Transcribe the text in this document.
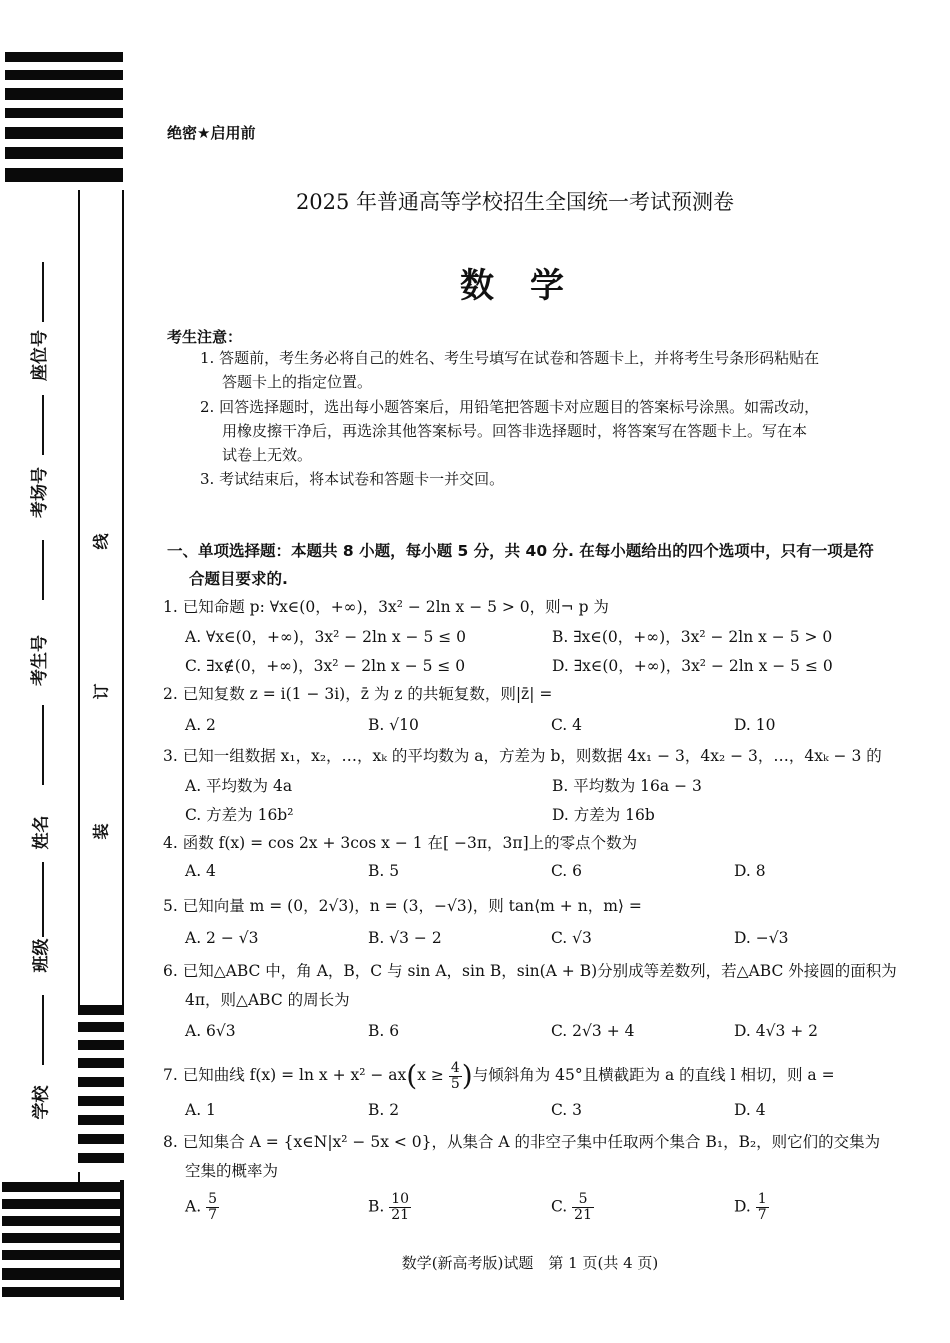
座位号
考场号
考生号
姓名
班级
学校
线
订
装
绝密★启用前
2025 年普通高等学校招生全国统一考试预测卷
数学
考生注意：
1. 答题前，考生务必将自己的姓名、考生号填写在试卷和答题卡上，并将考生号条形码粘贴在
答题卡上的指定位置。
2. 回答选择题时，选出每小题答案后，用铅笔把答题卡对应题目的答案标号涂黑。如需改动，
用橡皮擦干净后，再选涂其他答案标号。回答非选择题时，将答案写在答题卡上。写在本
试卷上无效。
3. 考试结束后，将本试卷和答题卡一并交回。
一、单项选择题：本题共 8 小题，每小题 5 分，共 40 分. 在每小题给出的四个选项中，只有一项是符
合题目要求的.
1. 已知命题 p: ∀x∈(0，+∞)，3x² − 2ln x − 5 > 0，则¬ p 为
A. ∀x∈(0，+∞)，3x² − 2ln x − 5 ≤ 0	B. ∃x∈(0，+∞)，3x² − 2ln x − 5 > 0
C. ∃x∉(0，+∞)，3x² − 2ln x − 5 ≤ 0	D. ∃x∈(0，+∞)，3x² − 2ln x − 5 ≤ 0
2. 已知复数 z = i(1 − 3i)，z̄ 为 z 的共轭复数，则|z̄| =
A. 2	B. √10	C. 4	D. 10
3. 已知一组数据 x₁，x₂，…，xₖ 的平均数为 a，方差为 b，则数据 4x₁ − 3，4x₂ − 3，…，4xₖ − 3 的
A. 平均数为 4a	B. 平均数为 16a − 3
C. 方差为 16b²	D. 方差为 16b
4. 函数 f(x) = cos 2x + 3cos x − 1 在[ −3π，3π]上的零点个数为
A. 4	B. 5	C. 6	D. 8
5. 已知向量 m = (0，2√3)，n = (3，−√3)，则 tan⟨m + n，m⟩ =
A. 2 − √3	B. √3 − 2	C. √3	D. −√3
6. 已知△ABC 中，角 A，B，C 与 sin A，sin B，sin(A + B)分别成等差数列，若△ABC 外接圆的面积为
4π，则△ABC 的周长为
A. 6√3	B. 6	C. 2√3 + 4	D. 4√3 + 2
7. 已知曲线 $f(x) = \ln x + x^2 - ax(x \ge \frac{4}{5}$ )与倾斜角为 45°且横截距为 a 的直线 l 相切，则 a =
A. 1	B. 2	C. 3	D. 4
8. 已知集合 A = {x∈N|x² − 5x < 0}，从集合 A 的非空子集中任取两个集合 B₁，B₂，则它们的交集为
空集的概率为
A. $\frac{5}{7}$	B. $\frac{10}{21}$	C. $\frac{5}{21}$	D. $\frac{1}{7}$
数学(新高考版)试题　第 1 页(共 4 页)
